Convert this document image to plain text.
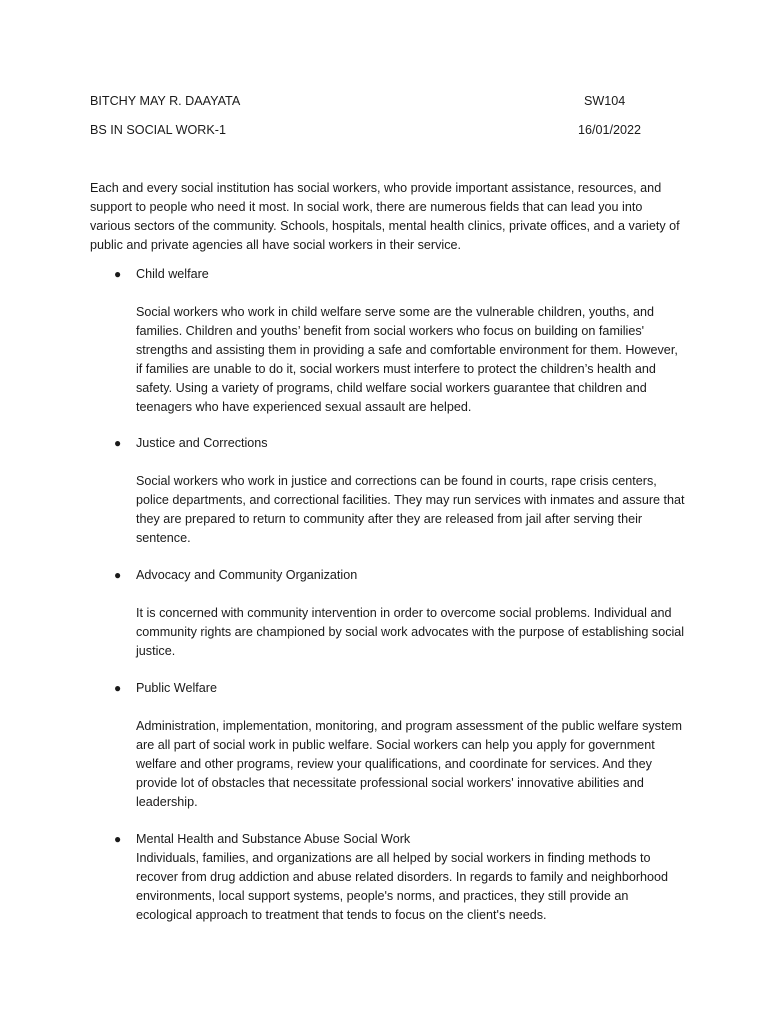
BITCHY MAY R. DAAYATA	SW104
BS IN SOCIAL WORK-1	16/01/2022
Each and every social institution has social workers, who provide important assistance, resources, and support to people who need it most. In social work, there are numerous fields that can lead you into various sectors of the community. Schools, hospitals, mental health clinics, private offices, and a variety of public and private agencies all have social workers in their service.
● Child welfare
Social workers who work in child welfare serve some are the vulnerable children, youths, and families. Children and youths’ benefit from social workers who focus on building on families' strengths and assisting them in providing a safe and comfortable environment for them. However, if families are unable to do it, social workers must interfere to protect the children’s health and safety. Using a variety of programs, child welfare social workers guarantee that children and teenagers who have experienced sexual assault are helped.
● Justice and Corrections
Social workers who work in justice and corrections can be found in courts, rape crisis centers, police departments, and correctional facilities. They may run services with inmates and assure that they are prepared to return to community after they are released from jail after serving their sentence.
● Advocacy and Community Organization
It is concerned with community intervention in order to overcome social problems. Individual and community rights are championed by social work advocates with the purpose of establishing social justice.
● Public Welfare
Administration, implementation, monitoring, and program assessment of the public welfare system are all part of social work in public welfare. Social workers can help you apply for government welfare and other programs, review your qualifications, and coordinate for services. And they provide lot of obstacles that necessitate professional social workers' innovative abilities and leadership.
● Mental Health and Substance Abuse Social Work
Individuals, families, and organizations are all helped by social workers in finding methods to recover from drug addiction and abuse related disorders. In regards to family and neighborhood environments, local support systems, people's norms, and practices, they still provide an ecological approach to treatment that tends to focus on the client's needs.
